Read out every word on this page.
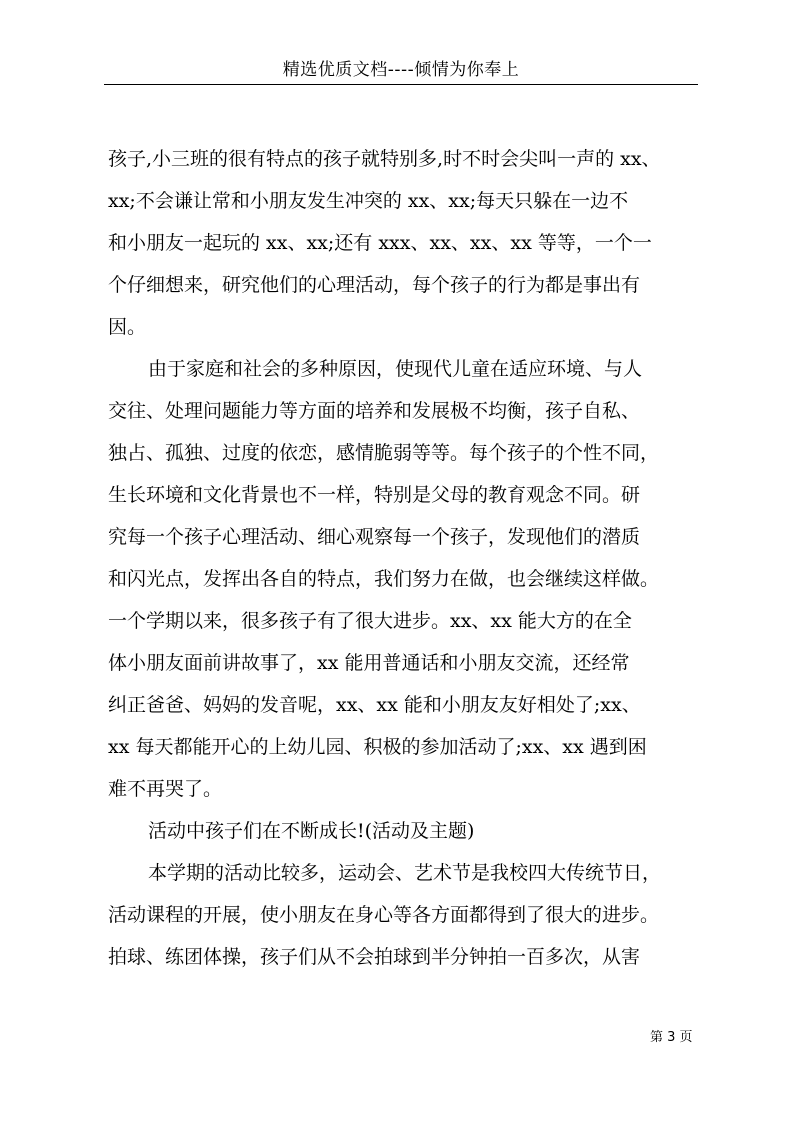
精选优质文档----倾情为你奉上
孩子,小三班的很有特点的孩子就特别多,时不时会尖叫一声的 xx、
xx;不会谦让常和小朋友发生冲突的 xx、xx;每天只躲在一边不
和小朋友一起玩的 xx、xx;还有 xxx、xx、xx、xx 等等，一个一
个仔细想来，研究他们的心理活动，每个孩子的行为都是事出有
因。
由于家庭和社会的多种原因，使现代儿童在适应环境、与人
交往、处理问题能力等方面的培养和发展极不均衡，孩子自私、
独占、孤独、过度的依恋，感情脆弱等等。每个孩子的个性不同，
生长环境和文化背景也不一样，特别是父母的教育观念不同。研
究每一个孩子心理活动、细心观察每一个孩子，发现他们的潜质
和闪光点，发挥出各自的特点，我们努力在做，也会继续这样做。
一个学期以来，很多孩子有了很大进步。xx、xx 能大方的在全
体小朋友面前讲故事了，xx 能用普通话和小朋友交流，还经常
纠正爸爸、妈妈的发音呢，xx、xx 能和小朋友友好相处了;xx、
xx 每天都能开心的上幼儿园、积极的参加活动了;xx、xx 遇到困
难不再哭了。
活动中孩子们在不断成长!(活动及主题)
本学期的活动比较多，运动会、艺术节是我校四大传统节日，
活动课程的开展，使小朋友在身心等各方面都得到了很大的进步。
拍球、练团体操，孩子们从不会拍球到半分钟拍一百多次，从害
第 3 页
